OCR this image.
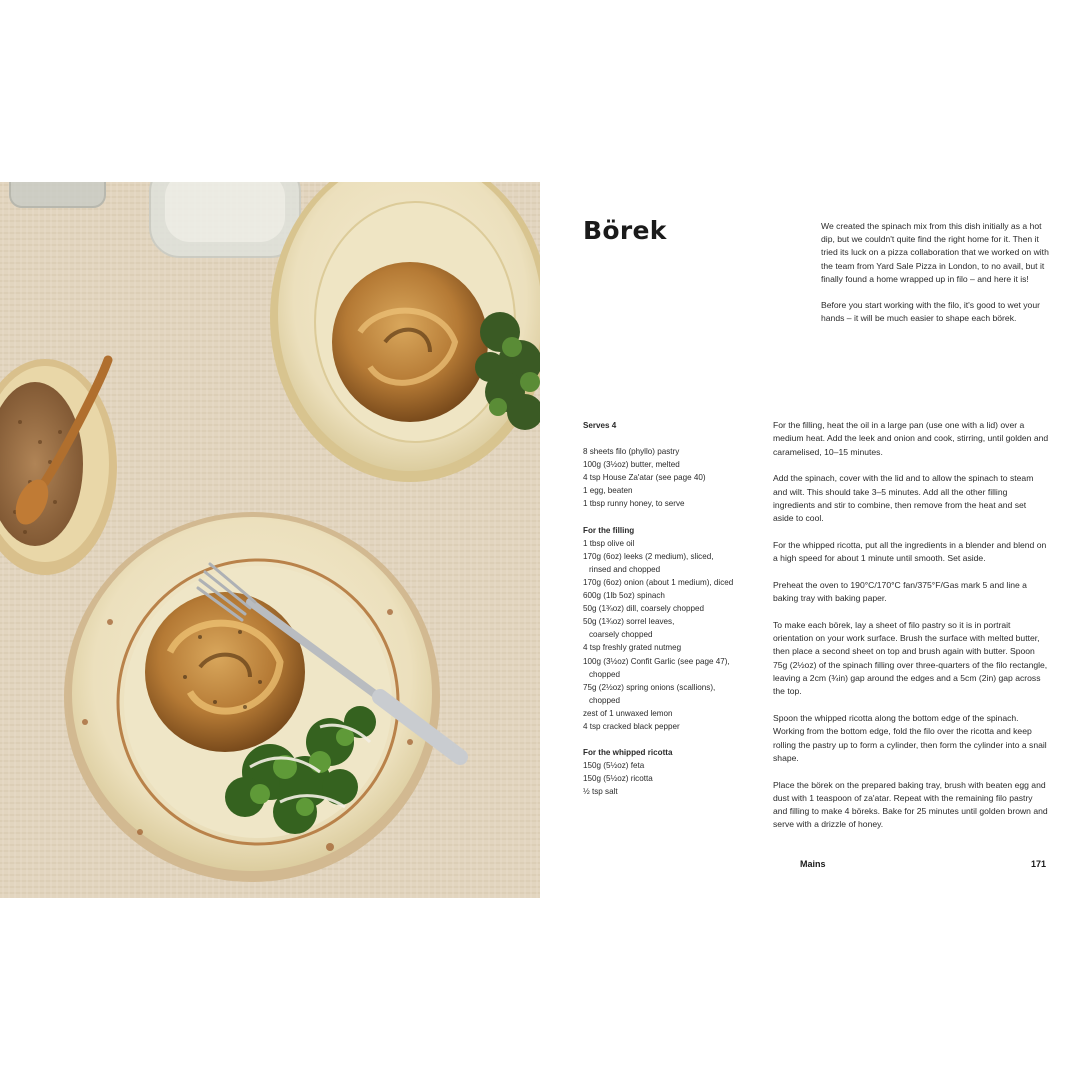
Börek	We created the spinach mix from this dish initially as a hot dip, but we couldn't quite find the right home for it. Then it tried its luck on a pizza collaboration that we worked on with the team from Yard Sale Pizza in London, to no avail, but it finally found a home wrapped up in filo – and here it is!

Before you start working with the filo, it's good to wet your hands – it will be much easier to shape each börek.

Serves 4
8 sheets filo (phyllo) pastry
100g (3½oz) butter, melted
4 tsp House Za'atar (see page 40)
1 egg, beaten
1 tbsp runny honey, to serve
For the filling
1 tbsp olive oil
170g (6oz) leeks (2 medium), sliced,
rinsed and chopped
170g (6oz) onion (about 1 medium), diced
600g (1lb 5oz) spinach
50g (1¾oz) dill, coarsely chopped
50g (1¾oz) sorrel leaves,
coarsely chopped
4 tsp freshly grated nutmeg
100g (3½oz) Confit Garlic (see page 47),
chopped
75g (2½oz) spring onions (scallions),
chopped
zest of 1 unwaxed lemon
4 tsp cracked black pepper
For the whipped ricotta
150g (5½oz) feta
150g (5½oz) ricotta
½ tsp salt

For the filling, heat the oil in a large pan (use one with a lid) over a medium heat. Add the leek and onion and cook, stirring, until golden and caramelised, 10–15 minutes.

Add the spinach, cover with the lid and to allow the spinach to steam and wilt. This should take 3–5 minutes. Add all the other filling ingredients and stir to combine, then remove from the heat and set aside to cool.

For the whipped ricotta, put all the ingredients in a blender and blend on a high speed for about 1 minute until smooth. Set aside.

Preheat the oven to 190°C/170°C fan/375°F/Gas mark 5 and line a baking tray with baking paper.

To make each börek, lay a sheet of filo pastry so it is in portrait orientation on your work surface. Brush the surface with melted butter, then place a second sheet on top and brush again with butter. Spoon 75g (2½oz) of the spinach filling over three-quarters of the filo rectangle, leaving a 2cm (¾in) gap around the edges and a 5cm (2in) gap across the top.

Spoon the whipped ricotta along the bottom edge of the spinach. Working from the bottom edge, fold the filo over the ricotta and keep rolling the pastry up to form a cylinder, then form the cylinder into a snail shape.

Place the börek on the prepared baking tray, brush with beaten egg and dust with 1 teaspoon of za'atar. Repeat with the remaining filo pastry and filling to make 4 böreks. Bake for 25 minutes until golden brown and serve with a drizzle of honey.

Mains	171
